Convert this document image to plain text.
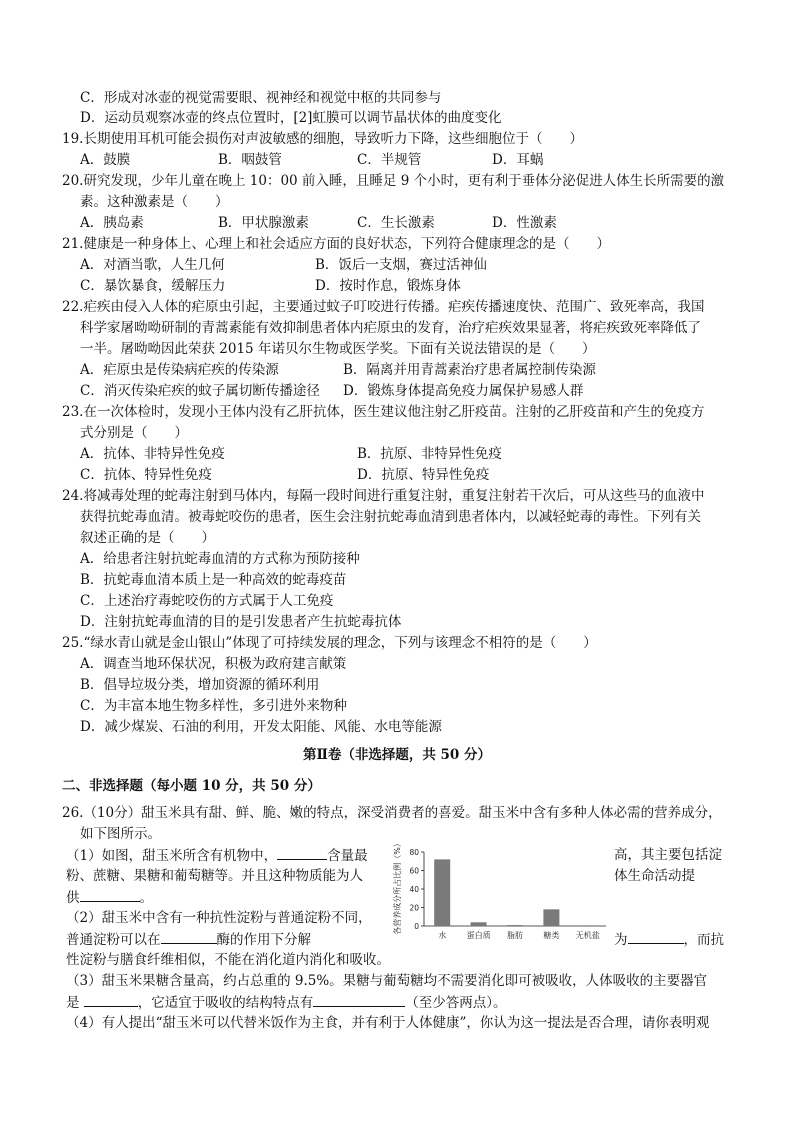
C．形成对冰壶的视觉需要眼、视神经和视觉中枢的共同参与
D．运动员观察冰壶的终点位置时，[2]虹膜可以调节晶状体的曲度变化
19.长期使用耳机可能会损伤对声波敏感的细胞，导致听力下降，这些细胞位于（　　）
A．鼓膜	B．咽鼓管	C．半规管	D．耳蜗
20.研究发现，少年儿童在晚上 10：00 前入睡，且睡足 9 个小时，更有利于垂体分泌促进人体生长所需要的激
素。这种激素是（　　）
A．胰岛素	B．甲状腺激素	C．生长激素	D．性激素
21.健康是一种身体上、心理上和社会适应方面的良好状态，下列符合健康理念的是（　　）
A．对酒当歌，人生几何	B．饭后一支烟，赛过活神仙
C．暴饮暴食，缓解压力	D．按时作息，锻炼身体
22.疟疾由侵入人体的疟原虫引起，主要通过蚊子叮咬进行传播。疟疾传播速度快、范围广、致死率高，我国
科学家屠呦呦研制的青蒿素能有效抑制患者体内疟原虫的发育，治疗疟疾效果显著，将疟疾致死率降低了
一半。屠呦呦因此荣获 2015 年诺贝尔生物或医学奖。下面有关说法错误的是（　　）
A．疟原虫是传染病疟疾的传染源	B．隔离并用青蒿素治疗患者属控制传染源
C．消灭传染疟疾的蚊子属切断传播途径 D．锻炼身体提高免疫力属保护易感人群
23.在一次体检时，发现小王体内没有乙肝抗体，医生建议他注射乙肝疫苗。注射的乙肝疫苗和产生的免疫方
式分别是（　　）
A．抗体、非特异性免疫	B．抗原、非特异性免疫
C．抗体、特异性免疫	D．抗原、特异性免疫
24.将减毒处理的蛇毒注射到马体内，每隔一段时间进行重复注射，重复注射若干次后，可从这些马的血液中
获得抗蛇毒血清。被毒蛇咬伤的患者，医生会注射抗蛇毒血清到患者体内，以减轻蛇毒的毒性。下列有关
叙述正确的是（　　）
A．给患者注射抗蛇毒血清的方式称为预防接种
B．抗蛇毒血清本质上是一种高效的蛇毒疫苗
C．上述治疗毒蛇咬伤的方式属于人工免疫
D．注射抗蛇毒血清的目的是引发患者产生抗蛇毒抗体
25.“绿水青山就是金山银山”体现了可持续发展的理念，下列与该理念不相符的是（　　）
A．调查当地环保状况，积极为政府建言献策
B．倡导垃圾分类，增加资源的循环利用
C．为丰富本地生物多样性，多引进外来物种
D．减少煤炭、石油的利用，开发太阳能、风能、水电等能源
第Ⅱ卷（非选择题，共 50 分）
二、非选择题（每小题 10 分，共 50 分）
26.（10分）甜玉米具有甜、鲜、脆、嫩的特点，深受消费者的喜爱。甜玉米中含有多种人体必需的营养成分，
如下图所示。
（1）如图，甜玉米所含有机物中，	含量最	高，其主要包括淀
粉、蔗糖、果糖和葡萄糖等。并且这种物质能为人	体生命活动提
供	。
（2）甜玉米中含有一种抗性淀粉与普通淀粉不同，
普通淀粉可以在	酶的作用下分解	为	，而抗
性淀粉与膳食纤维相似，不能在消化道内消化和吸收。
（3）甜玉米果糖含量高，约占总重的 9.5%。果糖与葡萄糖均不需要消化即可被吸收，人体吸收的主要器官
是	，它适宜于吸收的结构特点有	（至少答两点）。
（4）有人提出“甜玉米可以代替米饭作为主食，并有利于人体健康”，你认为这一提法是否合理，请你表明观
各营养成分所占比例（%） 0
20
40
60
80
水	蛋白质 脂肪	糖类 无机盐
